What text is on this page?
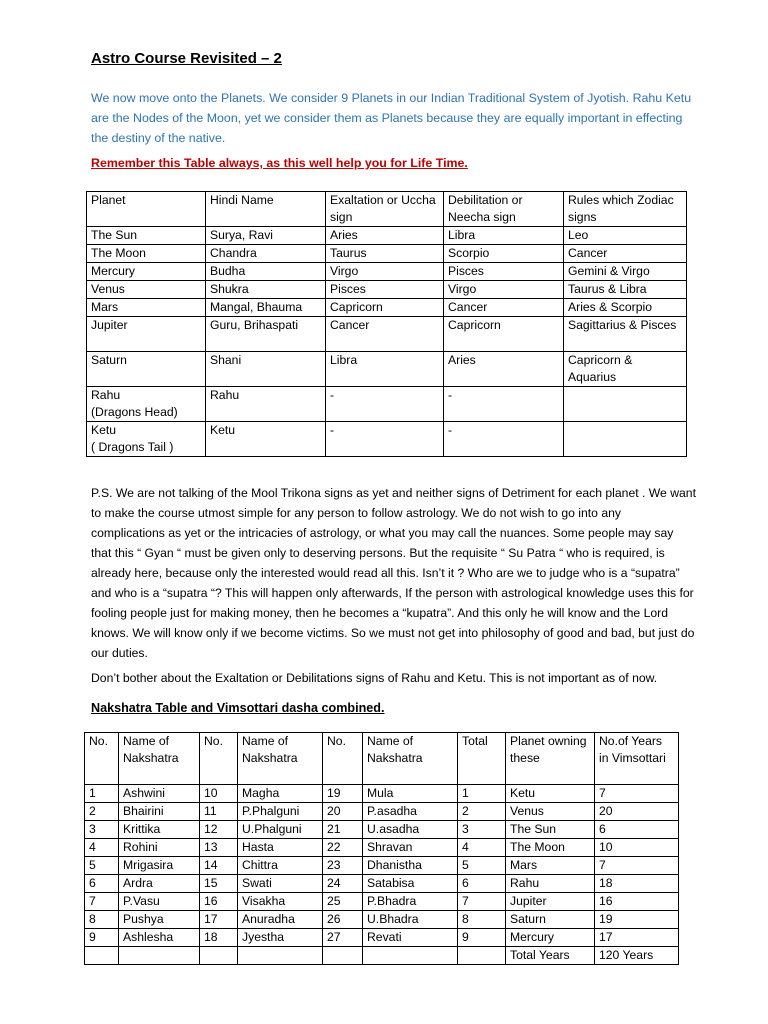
Astro Course Revisited – 2
We now move onto the Planets. We consider 9 Planets in our Indian Traditional System of Jyotish. Rahu Ketu are the Nodes of the Moon, yet we consider them as Planets because they are equally important in effecting the destiny of the native.
Remember this Table always, as this well help you for Life Time.
Planet	Hindi Name	Exaltation or Uccha sign	Debilitation or Neecha sign	Rules which Zodiac signs
The Sun	Surya, Ravi	Aries	Libra	Leo
The Moon	Chandra	Taurus	Scorpio	Cancer
Mercury	Budha	Virgo	Pisces	Gemini & Virgo
Venus	Shukra	Pisces	Virgo	Taurus & Libra
Mars	Mangal, Bhauma	Capricorn	Cancer	Aries & Scorpio
Jupiter	Guru, Brihaspati	Cancer	Capricorn	Sagittarius & Pisces
Saturn	Shani	Libra	Aries	Capricorn & Aquarius
Rahu
(Dragons Head)	Rahu	-	-	
Ketu
( Dragons Tail )	Ketu	-	-	
P.S. We are not talking of the Mool Trikona signs as yet and neither signs of Detriment for each planet . We want to make the course utmost simple for any person to follow astrology. We do not wish to go into any complications as yet or the intricacies of astrology, or what you may call the nuances. Some people may say that this “ Gyan “ must be given only to deserving persons. But the requisite “ Su Patra “ who is required, is already here, because only the interested would read all this. Isn’t it ? Who are we to judge who is a “supatra” and who is a “supatra “? This will happen only afterwards, If the person with astrological knowledge uses this for fooling people just for making money, then he becomes a “kupatra”. And this only he will know and the Lord knows. We will know only if we become victims. So we must not get into philosophy of good and bad, but just do our duties.
Don’t bother about the Exaltation or Debilitations signs of Rahu and Ketu. This is not important as of now.
Nakshatra Table and Vimsottari dasha combined.
No.	Name of Nakshatra	No.	Name of Nakshatra	No.	Name of Nakshatra	Total	Planet owning these	No.of Years in Vimsottari
1	Ashwini	10	Magha	19	Mula	1	Ketu	7
2	Bhairini	11	P.Phalguni	20	P.asadha	2	Venus	20
3	Krittika	12	U.Phalguni	21	U.asadha	3	The Sun	6
4	Rohini	13	Hasta	22	Shravan	4	The Moon	10
5	Mrigasira	14	Chittra	23	Dhanistha	5	Mars	7
6	Ardra	15	Swati	24	Satabisa	6	Rahu	18
7	P.Vasu	16	Visakha	25	P.Bhadra	7	Jupiter	16
8	Pushya	17	Anuradha	26	U.Bhadra	8	Saturn	19
9	Ashlesha	18	Jyestha	27	Revati	9	Mercury	17
							Total Years	120 Years
